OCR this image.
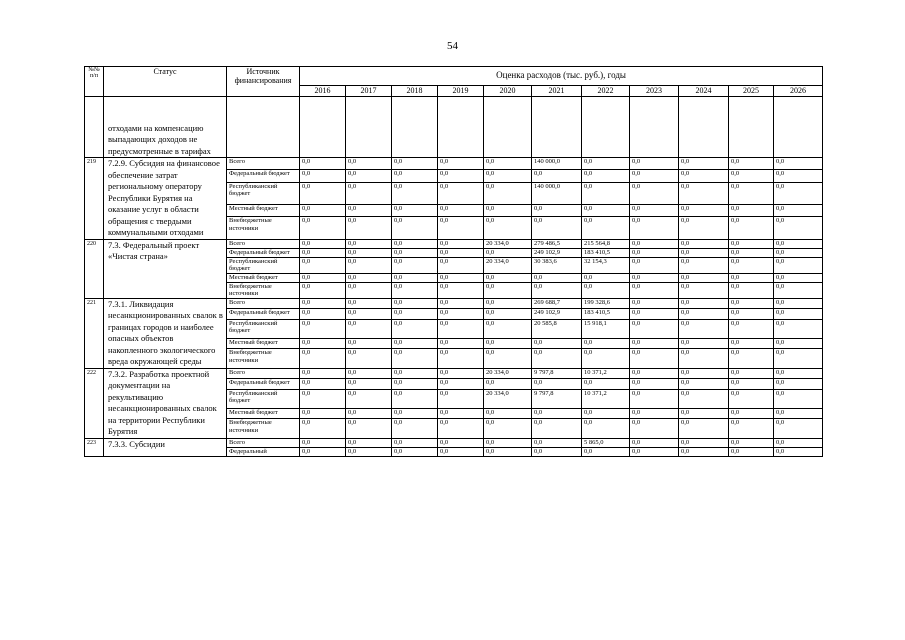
54
№№ п/п	Статус	Источник финансирования	Оценка расходов (тыс. руб.), годы										
			2016	2017	2018	2019	2020	2021	2022	2023	2024	2025	2026
	отходами на компенсацию выпадающих доходов не предусмотренные в тарифах												
219	7.2.9. Субсидия на финансовое обеспечение затрат региональному оператору Республики Бурятия на оказание услуг в области обращения с твердыми коммунальными отходами	Всего	0,0	0,0	0,0	0,0	0,0	140 000,0	0,0	0,0	0,0	0,0	0,0
		Федеральный бюджет	0,0	0,0	0,0	0,0	0,0	0,0	0,0	0,0	0,0	0,0	0,0
		Республиканский бюджет	0,0	0,0	0,0	0,0	0,0	140 000,0	0,0	0,0	0,0	0,0	0,0
		Местный бюджет	0,0	0,0	0,0	0,0	0,0	0,0	0,0	0,0	0,0	0,0	0,0
		Внебюджетные источники	0,0	0,0	0,0	0,0	0,0	0,0	0,0	0,0	0,0	0,0	0,0
220	7.3. Федеральный проект «Чистая страна»	Всего	0,0	0,0	0,0	0,0	20 334,0	279 486,5	215 564,8	0,0	0,0	0,0	0,0
		Федеральный бюджет	0,0	0,0	0,0	0,0	0,0	249 102,9	183 410,5	0,0	0,0	0,0	0,0
		Республиканский бюджет	0,0	0,0	0,0	0,0	20 334,0	30 383,6	32 154,3	0,0	0,0	0,0	0,0
		Местный бюджет	0,0	0,0	0,0	0,0	0,0	0,0	0,0	0,0	0,0	0,0	0,0
		Внебюджетные источники	0,0	0,0	0,0	0,0	0,0	0,0	0,0	0,0	0,0	0,0	0,0
221	7.3.1. Ликвидация несанкционированных свалок в границах городов и наиболее опасных объектов накопленного экологического вреда окружающей среды	Всего	0,0	0,0	0,0	0,0	0,0	269 688,7	199 328,6	0,0	0,0	0,0	0,0
		Федеральный бюджет	0,0	0,0	0,0	0,0	0,0	249 102,9	183 410,5	0,0	0,0	0,0	0,0
		Республиканский бюджет	0,0	0,0	0,0	0,0	0,0	20 585,8	15 918,1	0,0	0,0	0,0	0,0
		Местный бюджет	0,0	0,0	0,0	0,0	0,0	0,0	0,0	0,0	0,0	0,0	0,0
		Внебюджетные источники	0,0	0,0	0,0	0,0	0,0	0,0	0,0	0,0	0,0	0,0	0,0
222	7.3.2. Разработка проектной документации на рекультивацию несанкционированных свалок на территории Республики Бурятия	Всего	0,0	0,0	0,0	0,0	20 334,0	9 797,8	10 371,2	0,0	0,0	0,0	0,0
		Федеральный бюджет	0,0	0,0	0,0	0,0	0,0	0,0	0,0	0,0	0,0	0,0	0,0
		Республиканский бюджет	0,0	0,0	0,0	0,0	20 334,0	9 797,8	10 371,2	0,0	0,0	0,0	0,0
		Местный бюджет	0,0	0,0	0,0	0,0	0,0	0,0	0,0	0,0	0,0	0,0	0,0
		Внебюджетные источники	0,0	0,0	0,0	0,0	0,0	0,0	0,0	0,0	0,0	0,0	0,0
223	7.3.3. Субсидии	Всего	0,0	0,0	0,0	0,0	0,0	0,0	5 865,0	0,0	0,0	0,0	0,0
		Федеральный	0,0	0,0	0,0	0,0	0,0	0,0	0,0	0,0	0,0	0,0	0,0
